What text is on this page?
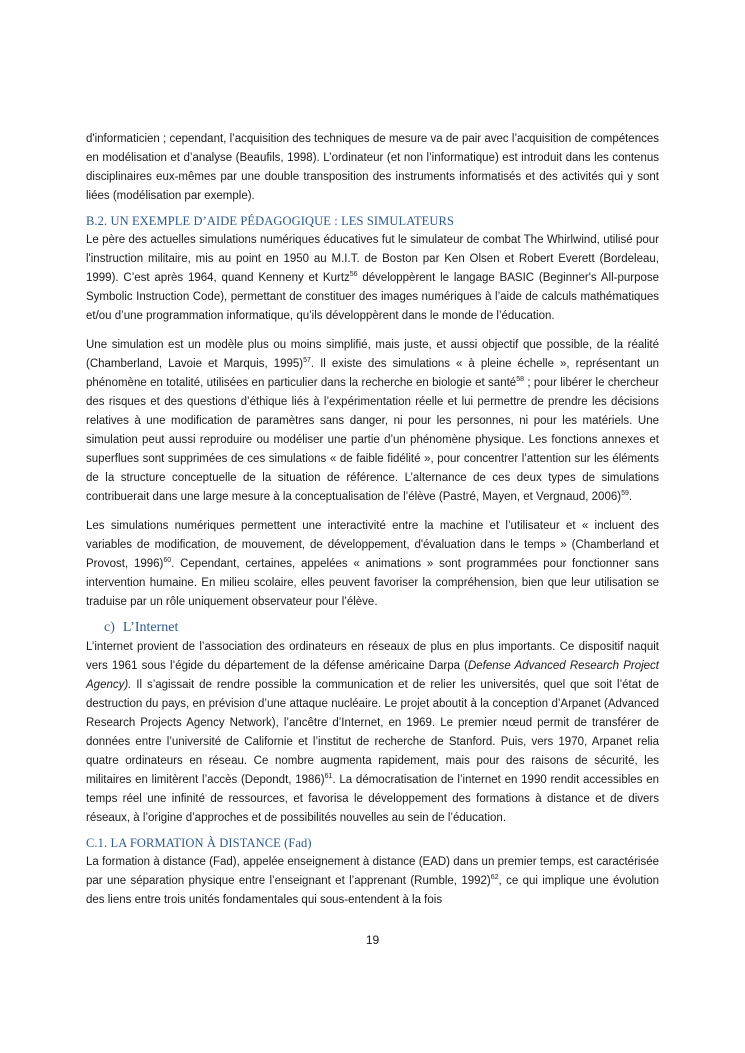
d'informaticien ; cependant, l’acquisition des techniques de mesure va de pair avec l’acquisition de compétences en modélisation et d’analyse (Beaufils, 1998). L’ordinateur (et non l’informatique) est introduit dans les contenus disciplinaires eux-mêmes par une double transposition des instruments informatisés et des activités qui y sont liées (modélisation par exemple).

B.2. UN EXEMPLE D’AIDE PÉDAGOGIQUE : LES SIMULATEURS

Le père des actuelles simulations numériques éducatives fut le simulateur de combat The Whirlwind, utilisé pour l'instruction militaire, mis au point en 1950 au M.I.T. de Boston par Ken Olsen et Robert Everett (Bordeleau, 1999). C’est après 1964, quand Kenneny et Kurtz$^{56}$ développèrent le langage BASIC (Beginner's All-purpose Symbolic Instruction Code), permettant de constituer des images numériques à l’aide de calculs mathématiques et/ou d’une programmation informatique, qu’ils développèrent dans le monde de l’éducation.

Une simulation est un modèle plus ou moins simplifié, mais juste, et aussi objectif que possible, de la réalité (Chamberland, Lavoie et Marquis, 1995)$^{57}$. Il existe des simulations « à pleine échelle », représentant un phénomène en totalité, utilisées en particulier dans la recherche en biologie et santé$^{58}$ ; pour libérer le chercheur des risques et des questions d’éthique liés à l’expérimentation réelle et lui permettre de prendre les décisions relatives à une modification de paramètres sans danger, ni pour les personnes, ni pour les matériels. Une simulation peut aussi reproduire ou modéliser une partie d’un phénomène physique. Les fonctions annexes et superflues sont supprimées de ces simulations « de faible fidélité », pour concentrer l’attention sur les éléments de la structure conceptuelle de la situation de référence. L’alternance de ces deux types de simulations contribuerait dans une large mesure à la conceptualisation de l’élève (Pastré, Mayen, et Vergnaud, 2006)$^{59}$.

Les simulations numériques permettent une interactivité entre la machine et l’utilisateur et « incluent des variables de modification, de mouvement, de développement, d'évaluation dans le temps » (Chamberland et Provost, 1996)$^{60}$. Cependant, certaines, appelées « animations » sont programmées pour fonctionner sans intervention humaine. En milieu scolaire, elles peuvent favoriser la compréhension, bien que leur utilisation se traduise par un rôle uniquement observateur pour l’élève.

c) L’Internet

L’internet provient de l’association des ordinateurs en réseaux de plus en plus importants. Ce dispositif naquit vers 1961 sous l’égide du département de la défense américaine Darpa (Defense Advanced Research Project Agency). Il s’agissait de rendre possible la communication et de relier les universités, quel que soit l’état de destruction du pays, en prévision d’une attaque nucléaire. Le projet aboutit à la conception d’Arpanet (Advanced Research Projects Agency Network), l’ancêtre d’Internet, en 1969. Le premier nœud permit de transférer de données entre l’université de Californie et l’institut de recherche de Stanford. Puis, vers 1970, Arpanet relia quatre ordinateurs en réseau. Ce nombre augmenta rapidement, mais pour des raisons de sécurité, les militaires en limitèrent l’accès (Depondt, 1986)$^{61}$. La démocratisation de l’internet en 1990 rendit accessibles en temps réel une infinité de ressources, et favorisa le développement des formations à distance et de divers réseaux, à l’origine d’approches et de possibilités nouvelles au sein de l’éducation.

C.1. LA FORMATION À DISTANCE (Fad)

La formation à distance (Fad), appelée enseignement à distance (EAD) dans un premier temps, est caractérisée par une séparation physique entre l’enseignant et l’apprenant (Rumble, 1992)$^{62}$, ce qui implique une évolution des liens entre trois unités fondamentales qui sous-entendent à la fois

19
